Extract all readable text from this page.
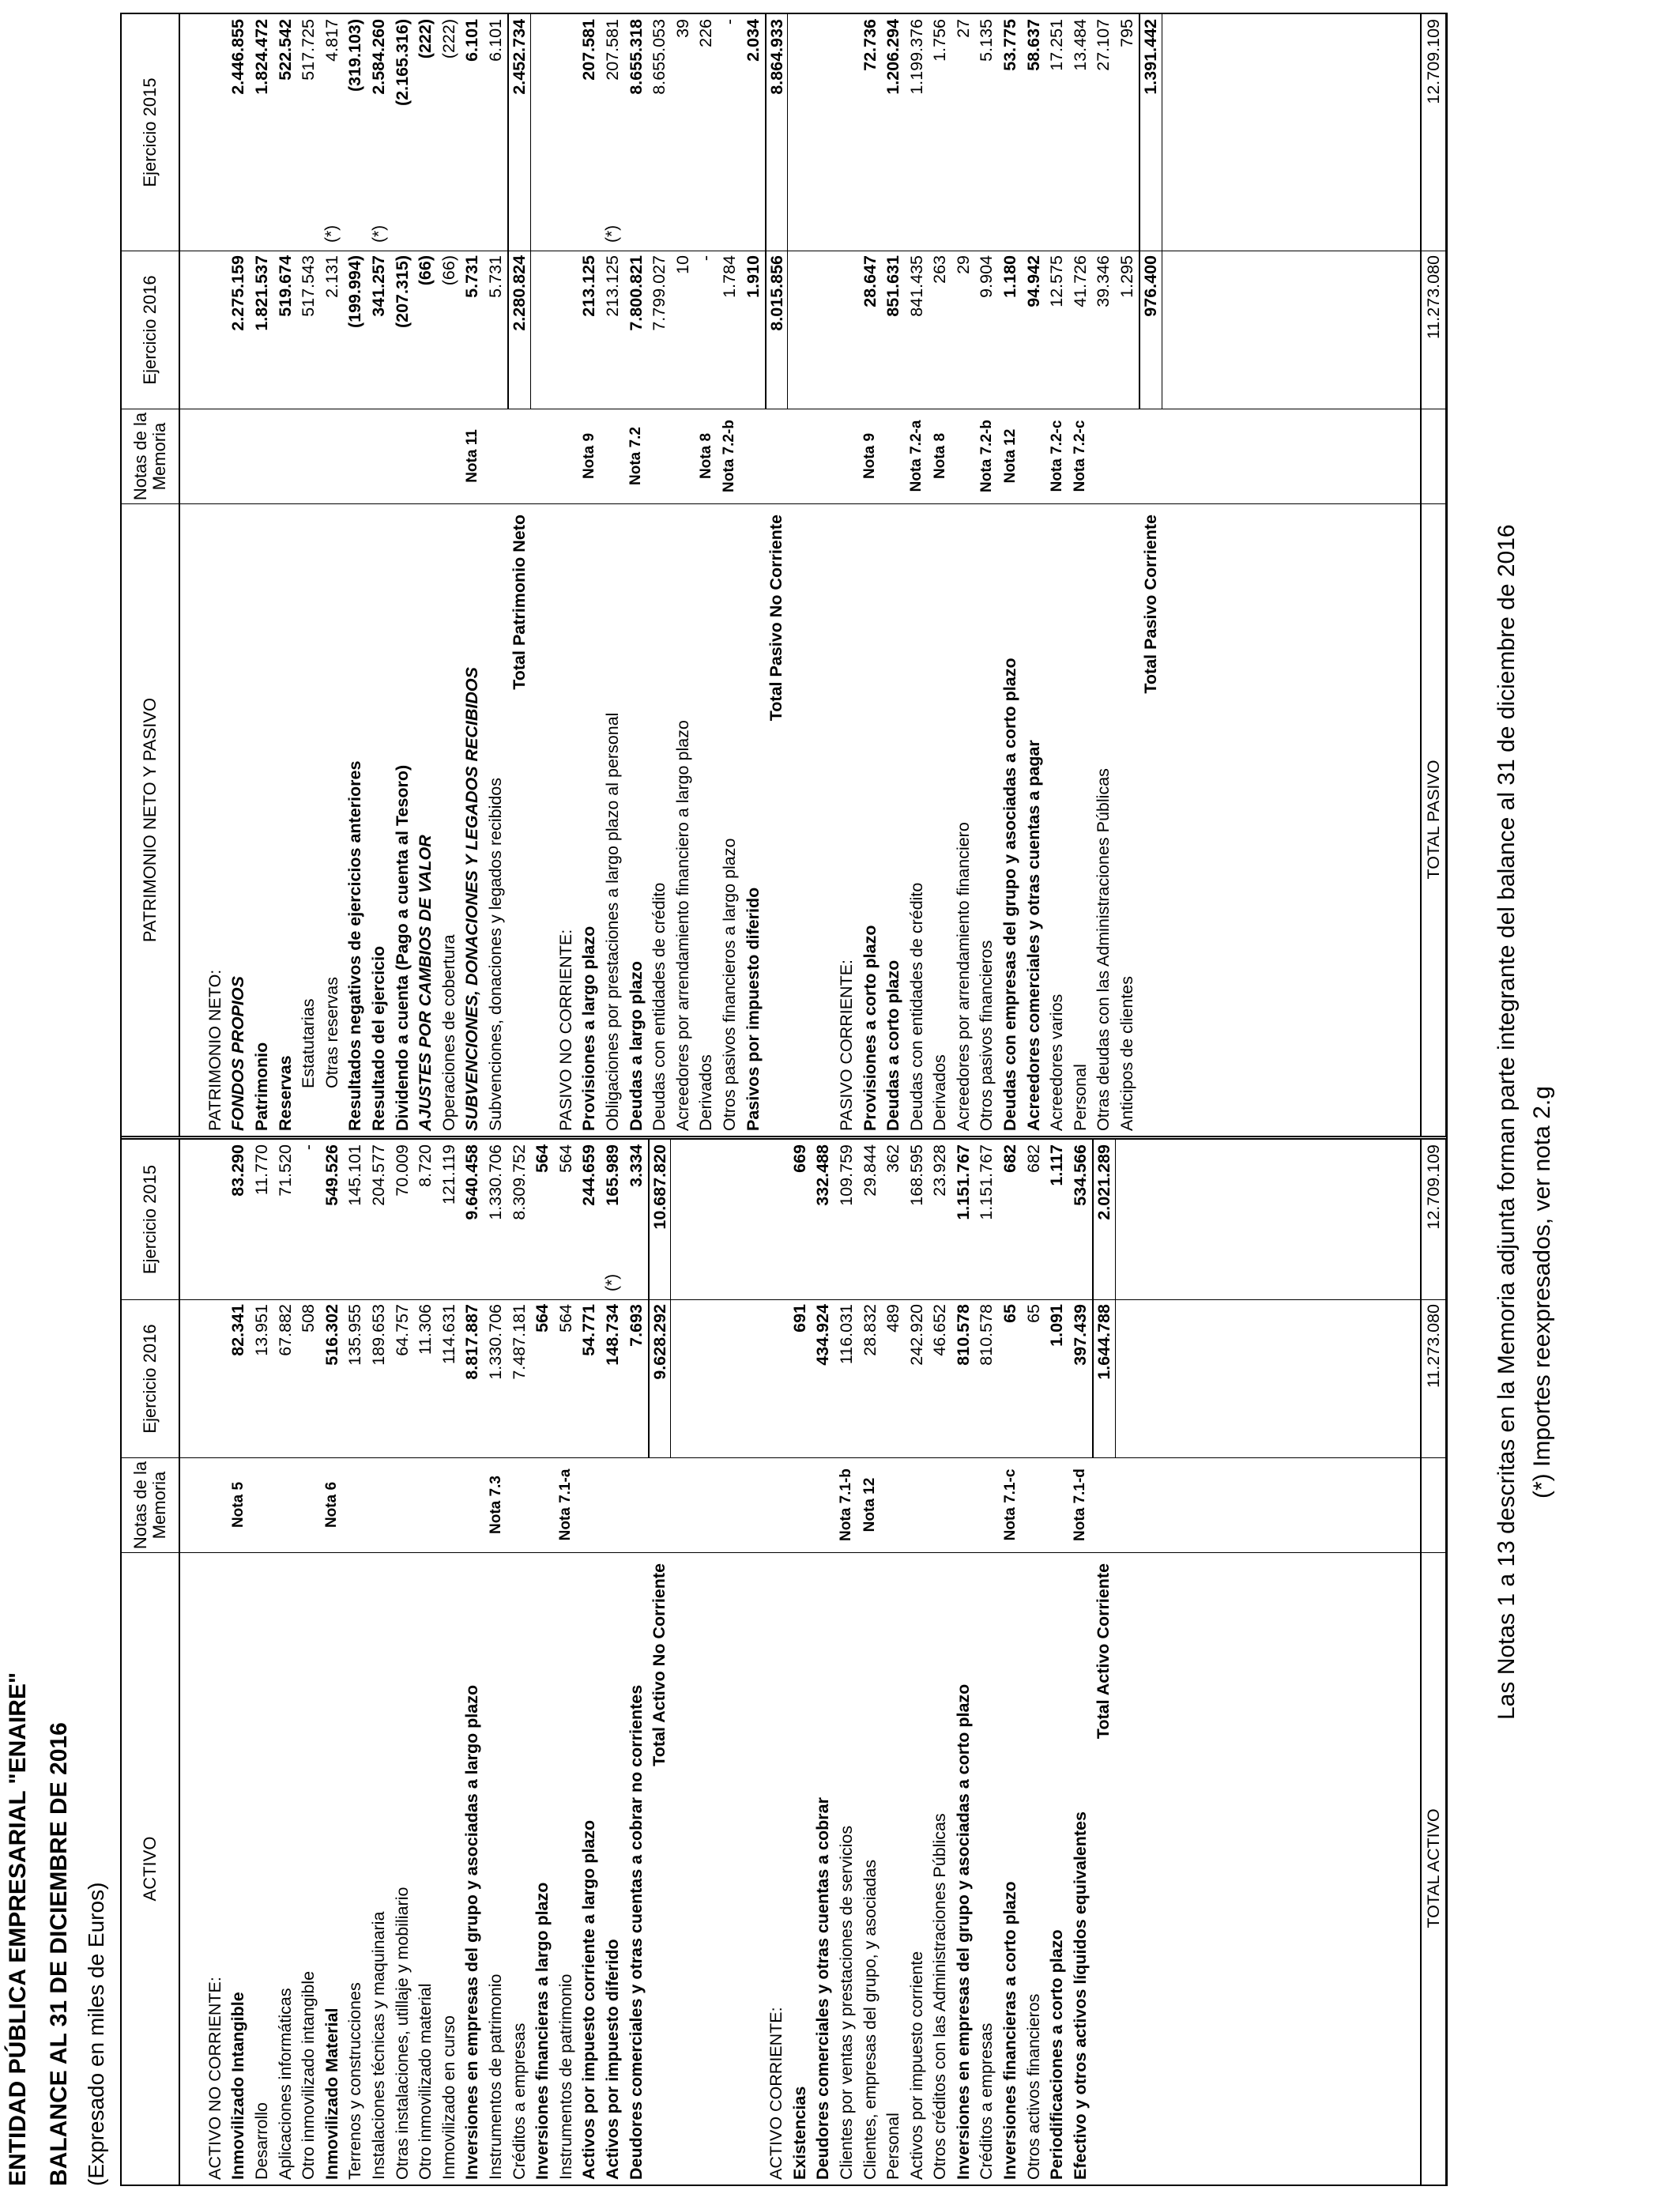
ENTIDAD PÚBLICA EMPRESARIAL "ENAIRE" BALANCE AL 31 DE DICIEMBRE DE 2016 (Expresado en miles de Euros)
ACTIVO
Notas de la Memoria
Ejercicio 2016
Ejercicio 2015
ACTIVO NO CORRIENTE: Inmovilizado Intangible
Nota 5
82.341
83.290
Desarrollo
13.951
11.770
Aplicaciones informáticas
67.882
71.520
Otro inmovilizado intangible
508
-
Inmovilizado Material
Nota 6
516.302
549.526
Terrenos y construcciones
135.955
145.101
Instalaciones técnicas y maquinaria
189.653
204.577
Otras instalaciones, utillaje y mobiliario
64.757
70.009
Otro inmovilizado material
11.306
8.720
Inmovilizado en curso
114.631
121.119
Inversiones en empresas del grupo y asociadas a largo plazo
8.817.887
9.640.458
Instrumentos de patrimonio
Nota 7.3
1.330.706
1.330.706
Créditos a empresas
7.487.181
8.309.752
Inversiones financieras a largo plazo
564
564
Instrumentos de patrimonio
Nota 7.1-a
564
564
Activos por impuesto corriente a largo plazo
54.771
244.659
Activos por impuesto diferido
148.734
(*)
165.989
Deudores comerciales y otras cuentas a cobrar no corrientes
7.693
3.334
Total Activo No Corriente
9.628.292
10.687.820
ACTIVO CORRIENTE: Existencias
691
669
Deudores comerciales y otras cuentas a cobrar
434.924
332.488
Clientes por ventas y prestaciones de servicios
Nota 7.1-b
116.031
109.759
Clientes, empresas del grupo, y asociadas
Nota 12
28.832
29.844
Personal
489
362
Activos por impuesto corriente
242.920
168.595
Otros créditos con las Administraciones Públicas
46.652
23.928
Inversiones en empresas del grupo y asociadas a corto plazo
810.578
1.151.767
Créditos a empresas
810.578
1.151.767
Inversiones financieras a corto plazo
Nota 7.1-c
65
682
Otros activos financieros
65
682
Periodificaciones a corto plazo
1.091
1.117
Efectivo y otros activos líquidos equivalentes
Nota 7.1-d
397.439
534.566
Total Activo Corriente
1.644.788
2.021.289
TOTAL ACTIVO
11.273.080
12.709.109
PATRIMONIO NETO Y PASIVO
Notas de la Memoria
Ejercicio 2016
Ejercicio 2015
PATRIMONIO NETO: FONDOS PROPIOS
2.275.159
2.446.855
Patrimonio
1.821.537
1.824.472
Reservas
519.674
522.542
Estatutarias
517.543
517.725
Otras reservas
2.131
(*)
4.817
Resultados negativos de ejercicios anteriores
(199.994)
(319.103)
Resultado del ejercicio
341.257
(*)
2.584.260
Dividendo a cuenta (Pago a cuenta al Tesoro)
(207.315)
(2.165.316)
AJUSTES POR CAMBIOS DE VALOR
(66)
(222)
Operaciones de cobertura
(66)
(222)
SUBVENCIONES, DONACIONES Y LEGADOS RECIBIDOS
Nota 11
5.731
6.101
Subvenciones, donaciones y legados recibidos
5.731
6.101
Total Patrimonio Neto
2.280.824
2.452.734
PASIVO NO CORRIENTE: Provisiones a largo plazo
Nota 9
213.125
207.581
Obligaciones por prestaciones a largo plazo al personal
213.125
(*)
207.581
Deudas a largo plazo
Nota 7.2
7.800.821
8.655.318
Deudas con entidades de crédito
7.799.027
8.655.053
Acreedores por arrendamiento financiero a largo plazo
10
39
Derivados
Nota 8
-
226
Otros pasivos financieros a largo plazo
Nota 7.2-b
1.784
-
Pasivos por impuesto diferido
1.910
2.034
Total Pasivo No Corriente
8.015.856
8.864.933
PASIVO CORRIENTE: Provisiones a corto plazo
Nota 9
28.647
72.736
Deudas a corto plazo
851.631
1.206.294
Deudas con entidades de crédito
Nota 7.2-a
841.435
1.199.376
Derivados
Nota 8
263
1.756
Acreedores por arrendamiento financiero
29
27
Otros pasivos financieros
Nota 7.2-b
9.904
5.135
Deudas con empresas del grupo y asociadas a corto plazo
Nota 12
1.180
53.775
Acreedores comerciales y otras cuentas a pagar
94.942
58.637
Acreedores varios
Nota 7.2-c
12.575
17.251
Personal
Nota 7.2-c
41.726
13.484
Otras deudas con las Administraciones Públicas
39.346
27.107
Anticipos de clientes
1.295
795
Total Pasivo Corriente
976.400
1.391.442
TOTAL PASIVO
11.273.080
12.709.109
Las Notas 1 a 13 descritas en la Memoria adjunta forman parte integrante del balance al 31 de diciembre de 2016 (*) Importes reexpresados, ver nota 2.g
